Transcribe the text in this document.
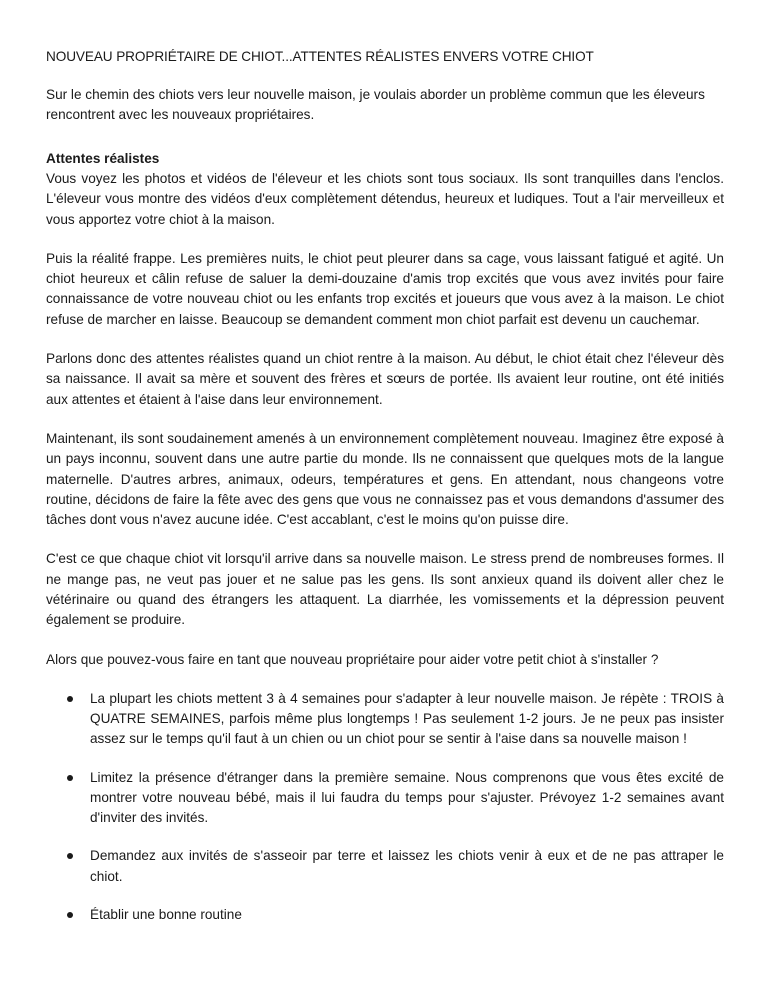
NOUVEAU PROPRIÉTAIRE DE CHIOT...ATTENTES RÉALISTES ENVERS VOTRE CHIOT

Sur le chemin des chiots vers leur nouvelle maison, je voulais aborder un problème commun que les éleveurs rencontrent avec les nouveaux propriétaires.

Attentes réalistes

Vous voyez les photos et vidéos de l'éleveur et les chiots sont tous sociaux. Ils sont tranquilles dans l'enclos. L'éleveur vous montre des vidéos d'eux complètement détendus, heureux et ludiques. Tout a l'air merveilleux et vous apportez votre chiot à la maison.

Puis la réalité frappe. Les premières nuits, le chiot peut pleurer dans sa cage, vous laissant fatigué et agité. Un chiot heureux et câlin refuse de saluer la demi-douzaine d'amis trop excités que vous avez invités pour faire connaissance de votre nouveau chiot ou les enfants trop excités et joueurs que vous avez à la maison. Le chiot refuse de marcher en laisse. Beaucoup se demandent comment mon chiot parfait est devenu un cauchemar.

Parlons donc des attentes réalistes quand un chiot rentre à la maison. Au début, le chiot était chez l'éleveur dès sa naissance. Il avait sa mère et souvent des frères et sœurs de portée. Ils avaient leur routine, ont été initiés aux attentes et étaient à l'aise dans leur environnement.

Maintenant, ils sont soudainement amenés à un environnement complètement nouveau. Imaginez être exposé à un pays inconnu, souvent dans une autre partie du monde. Ils ne connaissent que quelques mots de la langue maternelle. D'autres arbres, animaux, odeurs, températures et gens. En attendant, nous changeons votre routine, décidons de faire la fête avec des gens que vous ne connaissez pas et vous demandons d'assumer des tâches dont vous n'avez aucune idée. C'est accablant, c'est le moins qu'on puisse dire.

C'est ce que chaque chiot vit lorsqu'il arrive dans sa nouvelle maison. Le stress prend de nombreuses formes. Il ne mange pas, ne veut pas jouer et ne salue pas les gens. Ils sont anxieux quand ils doivent aller chez le vétérinaire ou quand des étrangers les attaquent. La diarrhée, les vomissements et la dépression peuvent également se produire.

Alors que pouvez-vous faire en tant que nouveau propriétaire pour aider votre petit chiot à s'installer ?

La plupart les chiots mettent 3 à 4 semaines pour s'adapter à leur nouvelle maison. Je répète : TROIS à QUATRE SEMAINES, parfois même plus longtemps ! Pas seulement 1-2 jours. Je ne peux pas insister assez sur le temps qu'il faut à un chien ou un chiot pour se sentir à l'aise dans sa nouvelle maison !
Limitez la présence d'étranger dans la première semaine. Nous comprenons que vous êtes excité de montrer votre nouveau bébé, mais il lui faudra du temps pour s'ajuster. Prévoyez 1-2 semaines avant d'inviter des invités.
Demandez aux invités de s'asseoir par terre et laissez les chiots venir à eux et de ne pas attraper le chiot.
Établir une bonne routine
